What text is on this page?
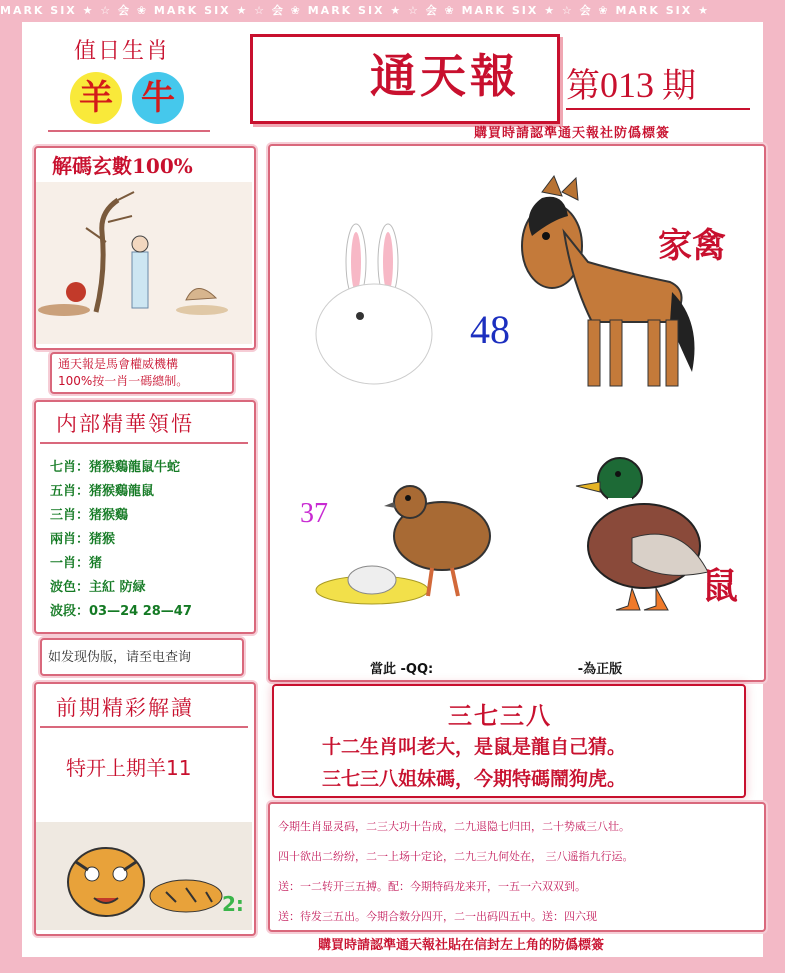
MARK SIX ★ ☆ 会 ❀ MARK SIX ★ ☆ 会 ❀ MARK SIX ★ ☆ 会 ❀ MARK SIX ★ ☆ 会 ❀ MARK SIX ★
值日生肖
羊 牛	通天報 第013 期
購買時請認準通天報社防僞標簽
解碼玄數100%
通天報是馬會權威機構
100%按一肖一碼總制。
内部精華領悟
七肖：猪猴鷄龍鼠牛蛇
五肖：猪猴鷄龍鼠
三肖：猪猴鷄
兩肖：猪猴
一肖：猪
波色：主紅 防緑
波段：03—24 28—47
如发现伪版，请至电查询
前期精彩解讀
特开上期羊11
2:
48
家禽
37
鼠
當此 -QQ:	-為正版
三七三八
十二生肖叫老大，是鼠是龍自己猜。
三七三八姐妹碼，今期特碼鬧狗虎。
今期生肖显灵码，二三大功十告成，二九退隐七归田，二十势威三八壮。
四十欲出二纷纷，二一上场十定论，二九三九何处在， 三八遥指九行运。
送：一二转开三五搏。配：今期特码龙来开，一五一六双双到。
送：待发三五出。今期合数分四开，二一出码四五中。送：四六现
購買時請認準通天報社貼在信封左上角的防僞標簽
